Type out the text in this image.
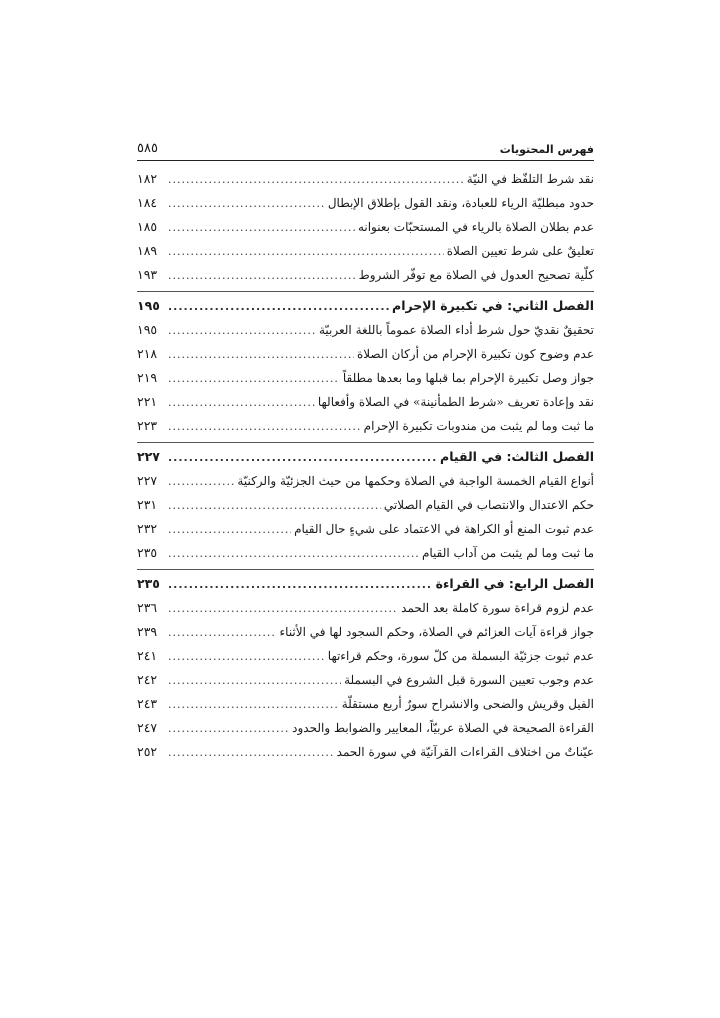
فهرس المحتويات
٥٨٥
نقد شرط التلفّظ في النيّة
.....
١٨٢
حدود مبطليّة الرياء للعبادة، ونقد القول بإطلاق الإبطال
.....
١٨٤
عدم بطلان الصلاة بالرياء في المستحبّات بعنوانه
.....
١٨٥
تعليقٌ على شرط تعيين الصلاة
.....
١٨٩
كلّية تصحيح العدول في الصلاة مع توفّر الشروط
.....
١٩٣
الفصل الثاني: في تكبيرة الإحرام
.....
١٩٥
تحقيقٌ نقديّ حول شرط أداء الصلاة عموماً باللغة العربيّة
.....
١٩٥
عدم وضوح كون تكبيرة الإحرام من أركان الصلاة
.....
٢١٨
جواز وصل تكبيرة الإحرام بما قبلها وما بعدها مطلقاً
.....
٢١٩
نقد وإعادة تعريف «شرط الطمأنينة» في الصلاة وأفعالها
.....
٢٢١
ما ثبت وما لم يثبت من مندوبات تكبيرة الإحرام
.....
٢٢٣
الفصل الثالث: في القيام
.....
٢٢٧
أنواع القيام الخمسة الواجبة في الصلاة وحكمها من حيث الجزئيّة والركنيّة
.....
٢٢٧
حكم الاعتدال والانتصاب في القيام الصلاتي
.....
٢٣١
عدم ثبوت المنع أو الكراهة في الاعتماد على شيءٍ حال القيام
.....
٢٣٢
ما ثبت وما لم يثبت من آداب القيام
.....
٢٣٥
الفصل الرابع: في القراءة
.....
٢٣٥
عدم لزوم قراءة سورة كاملة بعد الحمد
.....
٢٣٦
جواز قراءة آيات العزائم في الصلاة، وحكم السجود لها في الأثناء
.....
٢٣٩
عدم ثبوت جزئيّة البسملة من كلّ سورة، وحكم قراءتها
.....
٢٤١
عدم وجوب تعيين السورة قبل الشروع في البسملة
.....
٢٤٢
الفيل وقريش والضحى والانشراح سورٌ أربع مستقلّة
.....
٢٤٣
القراءة الصحيحة في الصلاة عربيّاً، المعايير والضوابط والحدود
.....
٢٤٧
عيّناتٌ من اختلاف القراءات القرآنيّة في سورة الحمد
.....
٢٥٢
